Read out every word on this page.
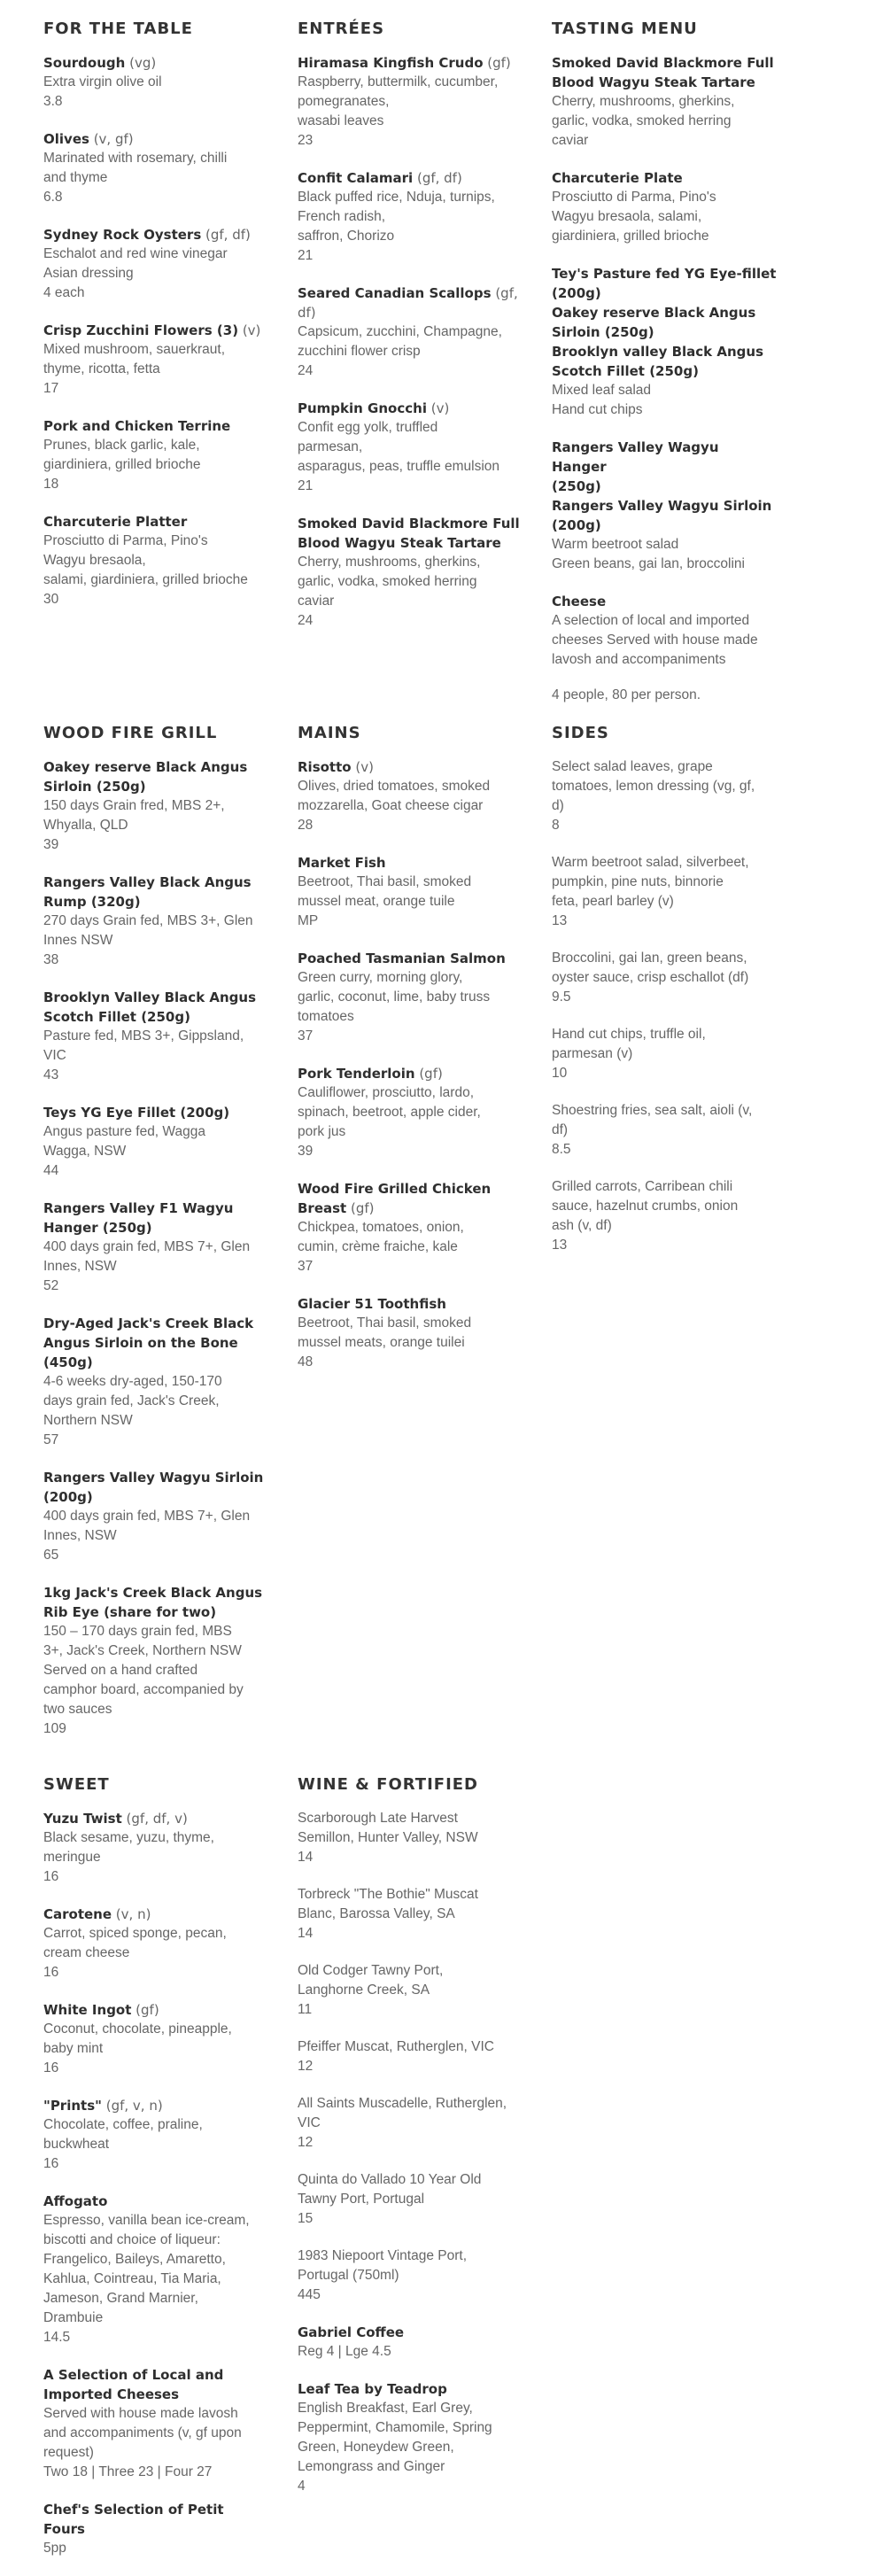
FOR THE TABLE
Sourdough (vg)
Extra virgin olive oil
3.8
Olives (v, gf)
Marinated with rosemary, chilli
and thyme
6.8
Sydney Rock Oysters (gf, df)
Eschalot and red wine vinegar
Asian dressing
4 each
Crisp Zucchini Flowers (3) (v)
Mixed mushroom, sauerkraut,
thyme, ricotta, fetta
17
Pork and Chicken Terrine
Prunes, black garlic, kale,
giardiniera, grilled brioche
18
Charcuterie Platter
Prosciutto di Parma, Pino's
Wagyu bresaola,
salami, giardiniera, grilled brioche
30
ENTRÉES
Hiramasa Kingfish Crudo (gf)
Raspberry, buttermilk, cucumber,
pomegranates,
wasabi leaves
23
Confit Calamari (gf, df)
Black puffed rice, Nduja, turnips,
French radish,
saffron, Chorizo
21
Seared Canadian Scallops (gf,
df)
Capsicum, zucchini, Champagne,
zucchini flower crisp
24
Pumpkin Gnocchi (v)
Confit egg yolk, truffled
parmesan,
asparagus, peas, truffle emulsion
21
Smoked David Blackmore Full
Blood Wagyu Steak Tartare
Cherry, mushrooms, gherkins,
garlic, vodka, smoked herring
caviar
24
TASTING MENU
Smoked David Blackmore Full
Blood Wagyu Steak Tartare
Cherry, mushrooms, gherkins,
garlic, vodka, smoked herring
caviar
Charcuterie Plate
Prosciutto di Parma, Pino's
Wagyu bresaola, salami,
giardiniera, grilled brioche
Tey's Pasture fed YG Eye-fillet
(200g)
Oakey reserve Black Angus
Sirloin (250g)
Brooklyn valley Black Angus
Scotch Fillet (250g)
Mixed leaf salad
Hand cut chips
Rangers Valley Wagyu Hanger
(250g)
Rangers Valley Wagyu Sirloin
(200g)
Warm beetroot salad
Green beans, gai lan, broccolini
Cheese
A selection of local and imported
cheeses Served with house made
lavosh and accompaniments
4 people, 80 per person.
WOOD FIRE GRILL
Oakey reserve Black Angus
Sirloin (250g)
150 days Grain fred, MBS 2+,
Whyalla, QLD
39
Rangers Valley Black Angus
Rump (320g)
270 days Grain fed, MBS 3+, Glen
Innes NSW
38
Brooklyn Valley Black Angus
Scotch Fillet (250g)
Pasture fed, MBS 3+, Gippsland,
VIC
43
Teys YG Eye Fillet (200g)
Angus pasture fed, Wagga
Wagga, NSW
44
Rangers Valley F1 Wagyu
Hanger (250g)
400 days grain fed, MBS 7+, Glen
Innes, NSW
52
Dry-Aged Jack's Creek Black
Angus Sirloin on the Bone
(450g)
4-6 weeks dry-aged, 150-170
days grain fed, Jack's Creek,
Northern NSW
57
Rangers Valley Wagyu Sirloin
(200g)
400 days grain fed, MBS 7+, Glen
Innes, NSW
65
1kg Jack's Creek Black Angus
Rib Eye (share for two)
150 – 170 days grain fed, MBS
3+, Jack's Creek, Northern NSW
Served on a hand crafted
camphor board, accompanied by
two sauces
109
MAINS
Risotto (v)
Olives, dried tomatoes, smoked
mozzarella, Goat cheese cigar
28
Market Fish
Beetroot, Thai basil, smoked
mussel meat, orange tuile
MP
Poached Tasmanian Salmon
Green curry, morning glory,
garlic, coconut, lime, baby truss
tomatoes
37
Pork Tenderloin (gf)
Cauliflower, prosciutto, lardo,
spinach, beetroot, apple cider,
pork jus
39
Wood Fire Grilled Chicken
Breast (gf)
Chickpea, tomatoes, onion,
cumin, crème fraiche, kale
37
Glacier 51 Toothfish
Beetroot, Thai basil, smoked
mussel meats, orange tuilei
48
SIDES
Select salad leaves, grape
tomatoes, lemon dressing (vg, gf,
d)
8
Warm beetroot salad, silverbeet,
pumpkin, pine nuts, binnorie
feta, pearl barley (v)
13
Broccolini, gai lan, green beans,
oyster sauce, crisp eschallot (df)
9.5
Hand cut chips, truffle oil,
parmesan (v)
10
Shoestring fries, sea salt, aioli (v,
df)
8.5
Grilled carrots, Carribean chili
sauce, hazelnut crumbs, onion
ash (v, df)
13
SWEET
Yuzu Twist (gf, df, v)
Black sesame, yuzu, thyme,
meringue
16
Carotene (v, n)
Carrot, spiced sponge, pecan,
cream cheese
16
White Ingot (gf)
Coconut, chocolate, pineapple,
baby mint
16
"Prints" (gf, v, n)
Chocolate, coffee, praline,
buckwheat
16
Affogato
Espresso, vanilla bean ice-cream,
biscotti and choice of liqueur:
Frangelico, Baileys, Amaretto,
Kahlua, Cointreau, Tia Maria,
Jameson, Grand Marnier,
Drambuie
14.5
A Selection of Local and
Imported Cheeses
Served with house made lavosh
and accompaniments (v, gf upon
request)
Two 18 | Three 23 | Four 27
Chef's Selection of Petit Fours
5pp
WINE & FORTIFIED
Scarborough Late Harvest
Semillon, Hunter Valley, NSW
14
Torbreck "The Bothie" Muscat
Blanc, Barossa Valley, SA
14
Old Codger Tawny Port,
Langhorne Creek, SA
11
Pfeiffer Muscat, Rutherglen, VIC
12
All Saints Muscadelle, Rutherglen,
VIC
12
Quinta do Vallado 10 Year Old
Tawny Port, Portugal
15
1983 Niepoort Vintage Port,
Portugal (750ml)
445
Gabriel Coffee
Reg 4 | Lge 4.5
Leaf Tea by Teadrop
English Breakfast, Earl Grey,
Peppermint, Chamomile, Spring
Green, Honeydew Green,
Lemongrass and Ginger
4
